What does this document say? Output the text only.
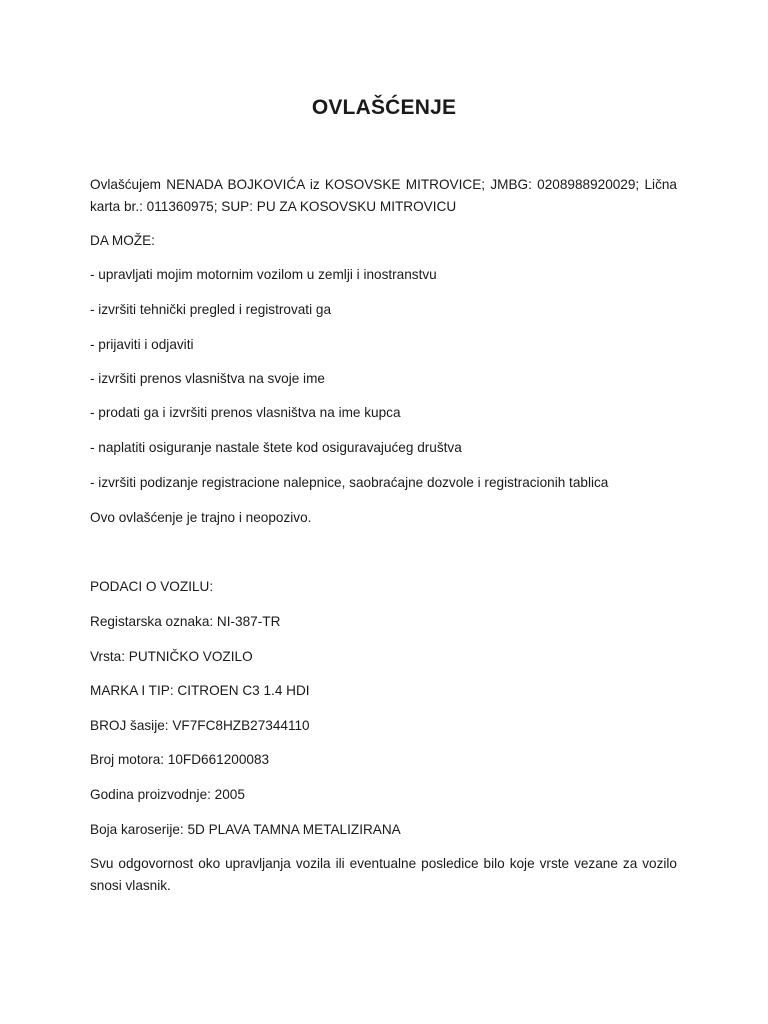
OVLAŠĆENJE

Ovlašćujem NENADA BOJKOVIĆA iz KOSOVSKE MITROVICE; JMBG: 0208988920029; Lična karta br.: 011360975; SUP: PU ZA KOSOVSKU MITROVICU

DA MOŽE:

- upravljati mojim motornim vozilom u zemlji i inostranstvu

- izvršiti tehnički pregled i registrovati ga

- prijaviti i odjaviti

- izvršiti prenos vlasništva na svoje ime

- prodati ga i izvršiti prenos vlasništva na ime kupca

- naplatiti osiguranje nastale štete kod osiguravajućeg društva

- izvršiti podizanje registracione nalepnice, saobraćajne dozvole i registracionih tablica

Ovo ovlašćenje je trajno i neopozivo.

PODACI O VOZILU:

Registarska oznaka: NI-387-TR

Vrsta: PUTNIČKO VOZILO

MARKA I TIP: CITROEN C3 1.4 HDI

BROJ šasije: VF7FC8HZB27344110

Broj motora: 10FD661200083

Godina proizvodnje: 2005

Boja karoserije: 5D PLAVA TAMNA METALIZIRANA

Svu odgovornost oko upravljanja vozila ili eventualne posledice bilo koje vrste vezane za vozilo snosi vlasnik.
